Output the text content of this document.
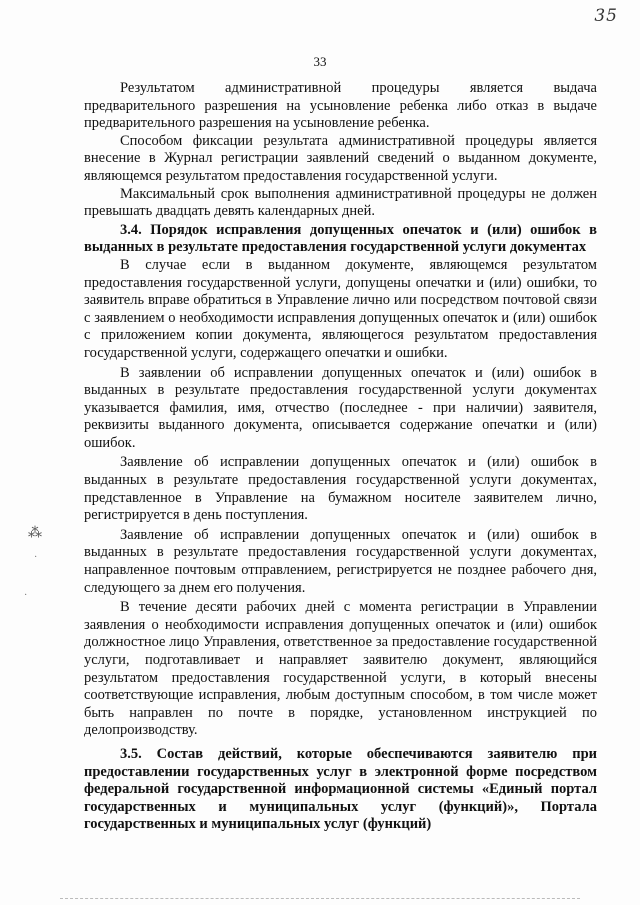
35
33
⁂
·
·

Результатом административной процедуры является выдача предварительного разрешения на усыновление ребенка либо отказ в выдаче предварительного разрешения на усыновление ребенка.

Способом фиксации результата административной процедуры является внесение в Журнал регистрации заявлений сведений о выданном документе, являющемся результатом предоставления государственной услуги.

Максимальный срок выполнения административной процедуры не должен превышать двадцать девять календарных дней.

3.4. Порядок исправления допущенных опечаток и (или) ошибок в выданных в результате предоставления государственной услуги документах

В случае если в выданном документе, являющемся результатом предоставления государственной услуги, допущены опечатки и (или) ошибки, то заявитель вправе обратиться в Управление лично или посредством почтовой связи с заявлением о необходимости исправления допущенных опечаток и (или) ошибок с приложением копии документа, являющегося результатом предоставления государственной услуги, содержащего опечатки и ошибки.

В заявлении об исправлении допущенных опечаток и (или) ошибок в выданных в результате предоставления государственной услуги документах указывается фамилия, имя, отчество (последнее - при наличии) заявителя, реквизиты выданного документа, описывается содержание опечатки и (или) ошибок.

Заявление об исправлении допущенных опечаток и (или) ошибок в выданных в результате предоставления государственной услуги документах, представленное в Управление на бумажном носителе заявителем лично, регистрируется в день поступления.

Заявление об исправлении допущенных опечаток и (или) ошибок в выданных в результате предоставления государственной услуги документах, направленное почтовым отправлением, регистрируется не позднее рабочего дня, следующего за днем его получения.

В течение десяти рабочих дней с момента регистрации в Управлении заявления о необходимости исправления допущенных опечаток и (или) ошибок должностное лицо Управления, ответственное за предоставление государственной услуги, подготавливает и направляет заявителю документ, являющийся результатом предоставления государственной услуги, в который внесены соответствующие исправления, любым доступным способом, в том числе может быть направлен по почте в порядке, установленном инструкцией по делопроизводству.

3.5. Состав действий, которые обеспечиваются заявителю при предоставлении государственных услуг в электронной форме посредством федеральной государственной информационной системы «Единый портал государственных и муниципальных услуг (функций)», Портала государственных и муниципальных услуг (функций)
